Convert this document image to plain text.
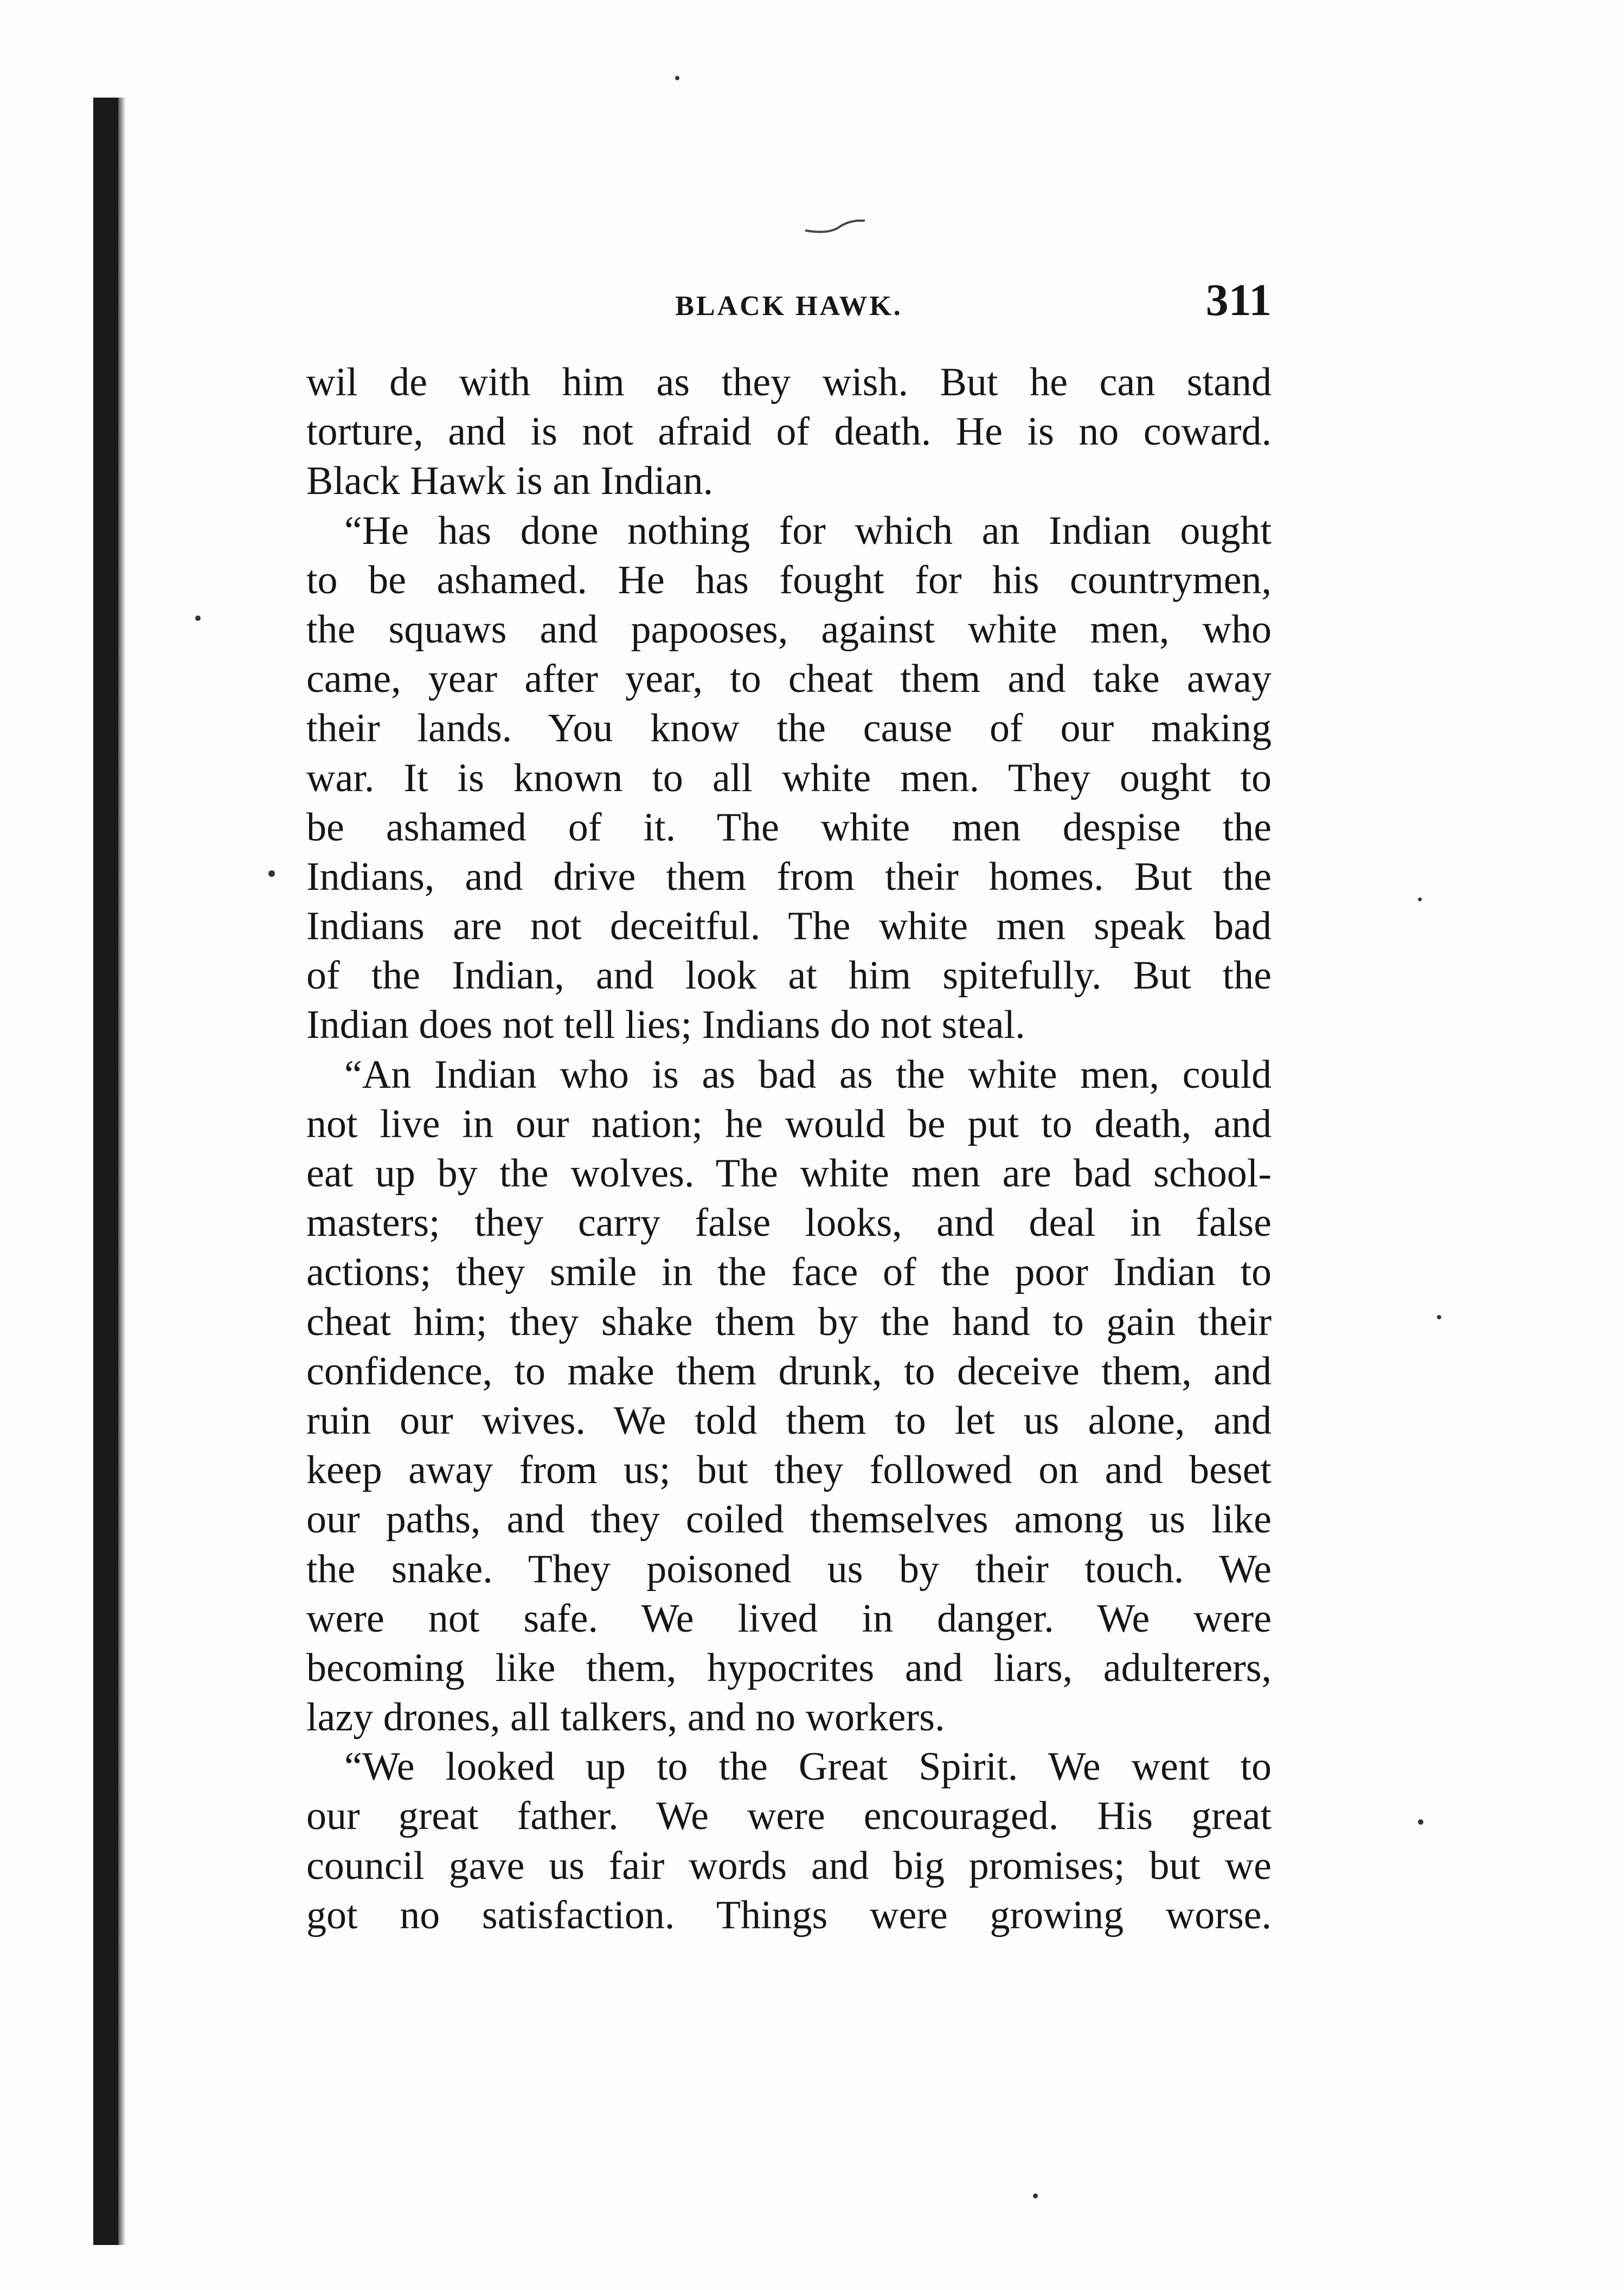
BLACK HAWK.	311
wil de with him as they wish. But he can stand
torture, and is not afraid of death. He is no coward.
Black Hawk is an Indian.
“He has done nothing for which an Indian ought
to be ashamed. He has fought for his countrymen,
the squaws and papooses, against white men, who
came, year after year, to cheat them and take away
their lands. You know the cause of our making
war. It is known to all white men. They ought to
be ashamed of it. The white men despise the
Indians, and drive them from their homes. But the
Indians are not deceitful. The white men speak bad
of the Indian, and look at him spitefully. But the
Indian does not tell lies; Indians do not steal.
“An Indian who is as bad as the white men, could
not live in our nation; he would be put to death, and
eat up by the wolves. The white men are bad school-
masters; they carry false looks, and deal in false
actions; they smile in the face of the poor Indian to
cheat him; they shake them by the hand to gain their
confidence, to make them drunk, to deceive them, and
ruin our wives. We told them to let us alone, and
keep away from us; but they followed on and beset
our paths, and they coiled themselves among us like
the snake. They poisoned us by their touch. We
were not safe. We lived in danger. We were
becoming like them, hypocrites and liars, adulterers,
lazy drones, all talkers, and no workers.
“We looked up to the Great Spirit. We went to
our great father. We were encouraged. His great
council gave us fair words and big promises; but we
got no satisfaction. Things were growing worse.
